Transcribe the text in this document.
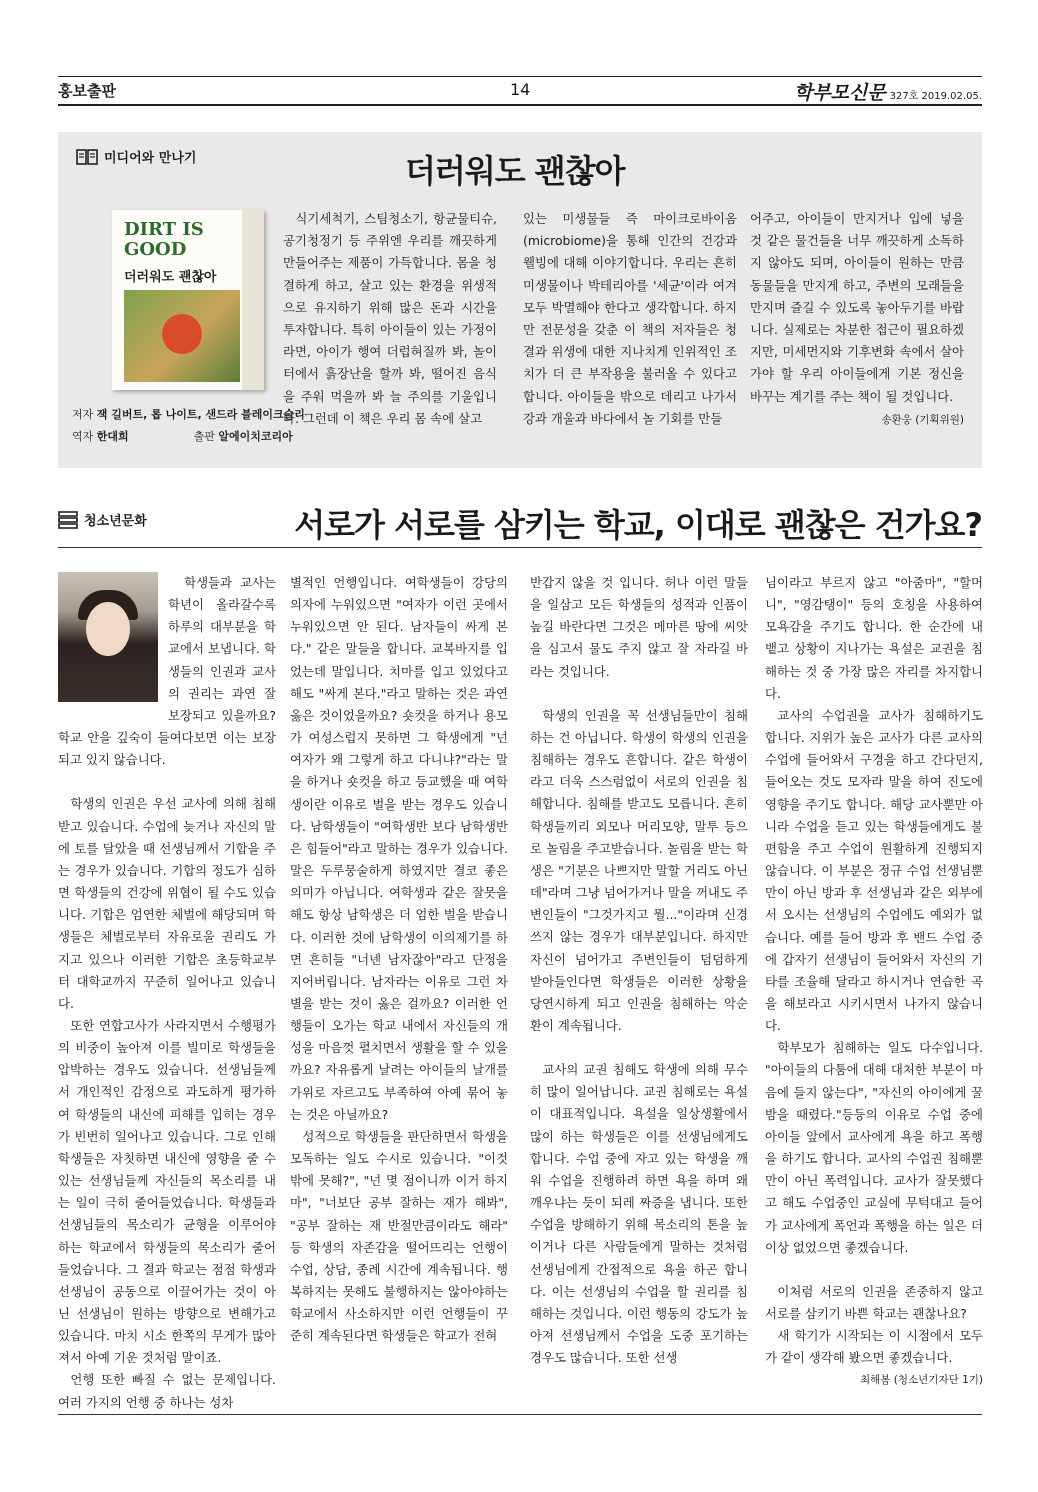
홍보출판	14	학부모신문 327호 2019.02.05.
미디어와 만나기	더러워도 괜찮아
DIRT IS GOOD
더러워도 괜찮아
저자 잭 길버트, 롭 나이트, 샌드라 블레이크슬리
역자 한대희	출판 알에이치코리아

식기세척기, 스팀청소기, 항균물티슈, 공기청정기 등 주위엔 우리를 깨끗하게 만들어주는 제품이 가득합니다. 몸을 청결하게 하고, 살고 있는 환경을 위생적으로 유지하기 위해 많은 돈과 시간을 투자합니다. 특히 아이들이 있는 가정이라면, 아이가 행여 더럽혀질까 봐, 놀이터에서 흙장난을 할까 봐, 떨어진 음식을 주워 먹을까 봐 늘 주의를 기울입니다. 그런데 이 책은 우리 몸 속에 살고

있는 미생물들 즉 마이크로바이옴(microbiome)을 통해 인간의 건강과 웰빙에 대해 이야기합니다. 우리는 흔히 미생물이나 박테리아를 '세균'이라 여겨 모두 박멸해야 한다고 생각합니다. 하지만 전문성을 갖춘 이 책의 저자들은 청결과 위생에 대한 지나치게 인위적인 조치가 더 큰 부작용을 불러올 수 있다고 합니다. 아이들을 밖으로 데리고 나가서 강과 개울과 바다에서 놀 기회를 만들

어주고, 아이들이 만지거나 입에 넣을 것 같은 물건들을 너무 깨끗하게 소독하지 않아도 되며, 아이들이 원하는 만큼 동물들을 만지게 하고, 주변의 모래들을 만지며 즐길 수 있도록 놓아두기를 바랍니다. 실제로는 차분한 접근이 필요하겠지만, 미세먼지와 기후변화 속에서 살아가야 할 우리 아이들에게 기본 정신을 바꾸는 계기를 주는 책이 될 것입니다.

송환웅 (기획위원)
청소년문화	서로가 서로를 삼키는 학교, 이대로 괜찮은 건가요?

학생들과 교사는 학년이 올라갈수록 하루의 대부분을 학교에서 보냅니다. 학생들의 인권과 교사의 권리는 과연 잘 보장되고 있을까요? 학교 안을 깊숙이 들여다보면 이는 보장되고 있지 않습니다.

학생의 인권은 우선 교사에 의해 침해받고 있습니다. 수업에 늦거나 자신의 말에 토를 달았을 때 선생님께서 기합을 주는 경우가 있습니다. 기합의 정도가 심하면 학생들의 건강에 위협이 될 수도 있습니다. 기합은 엄연한 체벌에 해당되며 학생들은 체벌로부터 자유로울 권리도 가지고 있으나 이러한 기합은 초등학교부터 대학교까지 꾸준히 일어나고 있습니다.

또한 연합고사가 사라지면서 수행평가의 비중이 높아져 이를 빌미로 학생들을 압박하는 경우도 있습니다. 선생님들께서 개인적인 감정으로 과도하게 평가하여 학생들의 내신에 피해를 입히는 경우가 빈번히 일어나고 있습니다. 그로 인해 학생들은 자칫하면 내신에 영향을 줄 수 있는 선생님들께 자신들의 목소리를 내는 일이 극히 줄어들었습니다. 학생들과 선생님들의 목소리가 균형을 이루어야 하는 학교에서 학생들의 목소리가 줄어들었습니다. 그 결과 학교는 점점 학생과 선생님이 공동으로 이끌어가는 것이 아닌 선생님이 원하는 방향으로 변해가고 있습니다. 마치 시소 한쪽의 무게가 많아져서 아예 기운 것처럼 말이죠.

언행 또한 빠질 수 없는 문제입니다. 여러 가지의 언행 중 하나는 성차

별적인 언행입니다. 여학생들이 강당의 의자에 누워있으면 "여자가 이런 곳에서 누워있으면 안 된다. 남자들이 싸게 본다." 같은 말들을 합니다. 교복바지를 입었는데 말입니다. 치마를 입고 있었다고 해도 "싸게 본다."라고 말하는 것은 과연 옳은 것이었을까요? 숏컷을 하거나 용모가 여성스럽지 못하면 그 학생에게 "넌 여자가 왜 그렇게 하고 다니냐?"라는 말을 하거나 숏컷을 하고 등교했을 때 여학생이란 이유로 벌을 받는 경우도 있습니다. 남학생들이 "여학생반 보다 남학생반은 힘들어"라고 말하는 경우가 있습니다. 말은 두루뭉술하게 하였지만 결코 좋은 의미가 아닙니다. 여학생과 같은 잘못을 해도 항상 남학생은 더 엄한 벌을 받습니다. 이러한 것에 남학생이 이의제기를 하면 흔히들 "너넨 남자잖아"라고 단정을 지어버립니다. 남자라는 이유로 그런 차별을 받는 것이 옳은 걸까요? 이러한 언행들이 오가는 학교 내에서 자신들의 개성을 마음껏 펼치면서 생활을 할 수 있을까요? 자유롭게 날려는 아이들의 날개를 가위로 자르고도 부족하여 아예 묶어 놓는 것은 아닐까요?

성적으로 학생들을 판단하면서 학생을 모독하는 일도 수시로 있습니다. "이것 밖에 못해?", "넌 몇 점이니까 이거 하지 마", "너보단 공부 잘하는 재가 해봐", "공부 잘하는 재 반절만큼이라도 해라" 등 학생의 자존감을 떨어뜨리는 언행이 수업, 상담, 종례 시간에 계속됩니다. 행복하지는 못해도 불행하지는 않아야하는 학교에서 사소하지만 이런 언행들이 꾸준히 계속된다면 학생들은 학교가 전혀

반갑지 않을 것 입니다. 허나 이런 말들을 일삼고 모든 학생들의 성적과 인품이 높길 바란다면 그것은 메마른 땅에 씨앗을 심고서 물도 주지 않고 잘 자라길 바라는 것입니다.

학생의 인권을 꼭 선생님들만이 침해 하는 건 아닙니다. 학생이 학생의 인권을 침해하는 경우도 흔합니다. 같은 학생이라고 더욱 스스럼없이 서로의 인권을 침해합니다. 침해를 받고도 모릅니다. 흔히 학생들끼리 외모나 머리모양, 말투 등으로 놀림을 주고받습니다. 놀림을 받는 학생은 "기분은 나쁘지만 말할 거리도 아닌데"라며 그냥 넘어가거나 말을 꺼내도 주변인들이 "그것가지고 뭘..."이라며 신경 쓰지 않는 경우가 대부분입니다. 하지만 자신이 넘어가고 주변인들이 덤덤하게 받아들인다면 학생들은 이러한 상황을 당연시하게 되고 인권을 침해하는 악순환이 계속됩니다.

교사의 교권 침해도 학생에 의해 무수히 많이 일어납니다. 교권 침해로는 욕설이 대표적입니다. 욕설을 일상생활에서 많이 하는 학생들은 이를 선생님에게도 합니다. 수업 중에 자고 있는 학생을 깨워 수업을 진행하려 하면 욕을 하며 왜 깨우냐는 듯이 되레 짜증을 냅니다. 또한 수업을 방해하기 위해 목소리의 톤을 높이거나 다른 사람들에게 말하는 것처럼 선생님에게 간접적으로 욕을 하곤 합니다. 이는 선생님의 수업을 할 권리를 침해하는 것입니다. 이런 행동의 강도가 높아져 선생님께서 수업을 도중 포기하는 경우도 많습니다. 또한 선생

님이라고 부르지 않고 "아줌마", "할머니", "영감탱이" 등의 호칭을 사용하여 모욕감을 주기도 합니다. 한 순간에 내 뱉고 상황이 지나가는 욕설은 교권을 침해하는 것 중 가장 많은 자리를 차지합니다.

교사의 수업권을 교사가 침해하기도 합니다. 지위가 높은 교사가 다른 교사의 수업에 들어와서 구경을 하고 간다던지, 들어오는 것도 모자라 말을 하여 진도에 영향을 주기도 합니다. 해당 교사뿐만 아니라 수업을 듣고 있는 학생들에게도 불편함을 주고 수업이 원활하게 진행되지 않습니다. 이 부분은 정규 수업 선생님뿐만이 아닌 방과 후 선생님과 같은 외부에서 오시는 선생님의 수업에도 예외가 없습니다. 예를 들어 방과 후 밴드 수업 중에 갑자기 선생님이 들어와서 자신의 기타를 조율해 달라고 하시거나 연습한 곡을 해보라고 시키시면서 나가지 않습니다.

학부모가 침해하는 일도 다수입니다. "아이들의 다툼에 대해 대처한 부분이 마음에 들지 않는다", "자신의 아이에게 꿀밤을 때렸다."등등의 이유로 수업 중에 아이들 앞에서 교사에게 욕을 하고 폭행을 하기도 합니다. 교사의 수업권 침해뿐만이 아닌 폭력입니다. 교사가 잘못했다고 해도 수업중인 교실에 무턱대고 들어가 교사에게 폭언과 폭행을 하는 일은 더 이상 없었으면 좋겠습니다.

이처럼 서로의 인권을 존중하지 않고 서로를 삼키기 바쁜 학교는 괜찮나요?

새 학기가 시작되는 이 시점에서 모두가 같이 생각해 봤으면 좋겠습니다.

최해봄 (청소년기자단 1기)
